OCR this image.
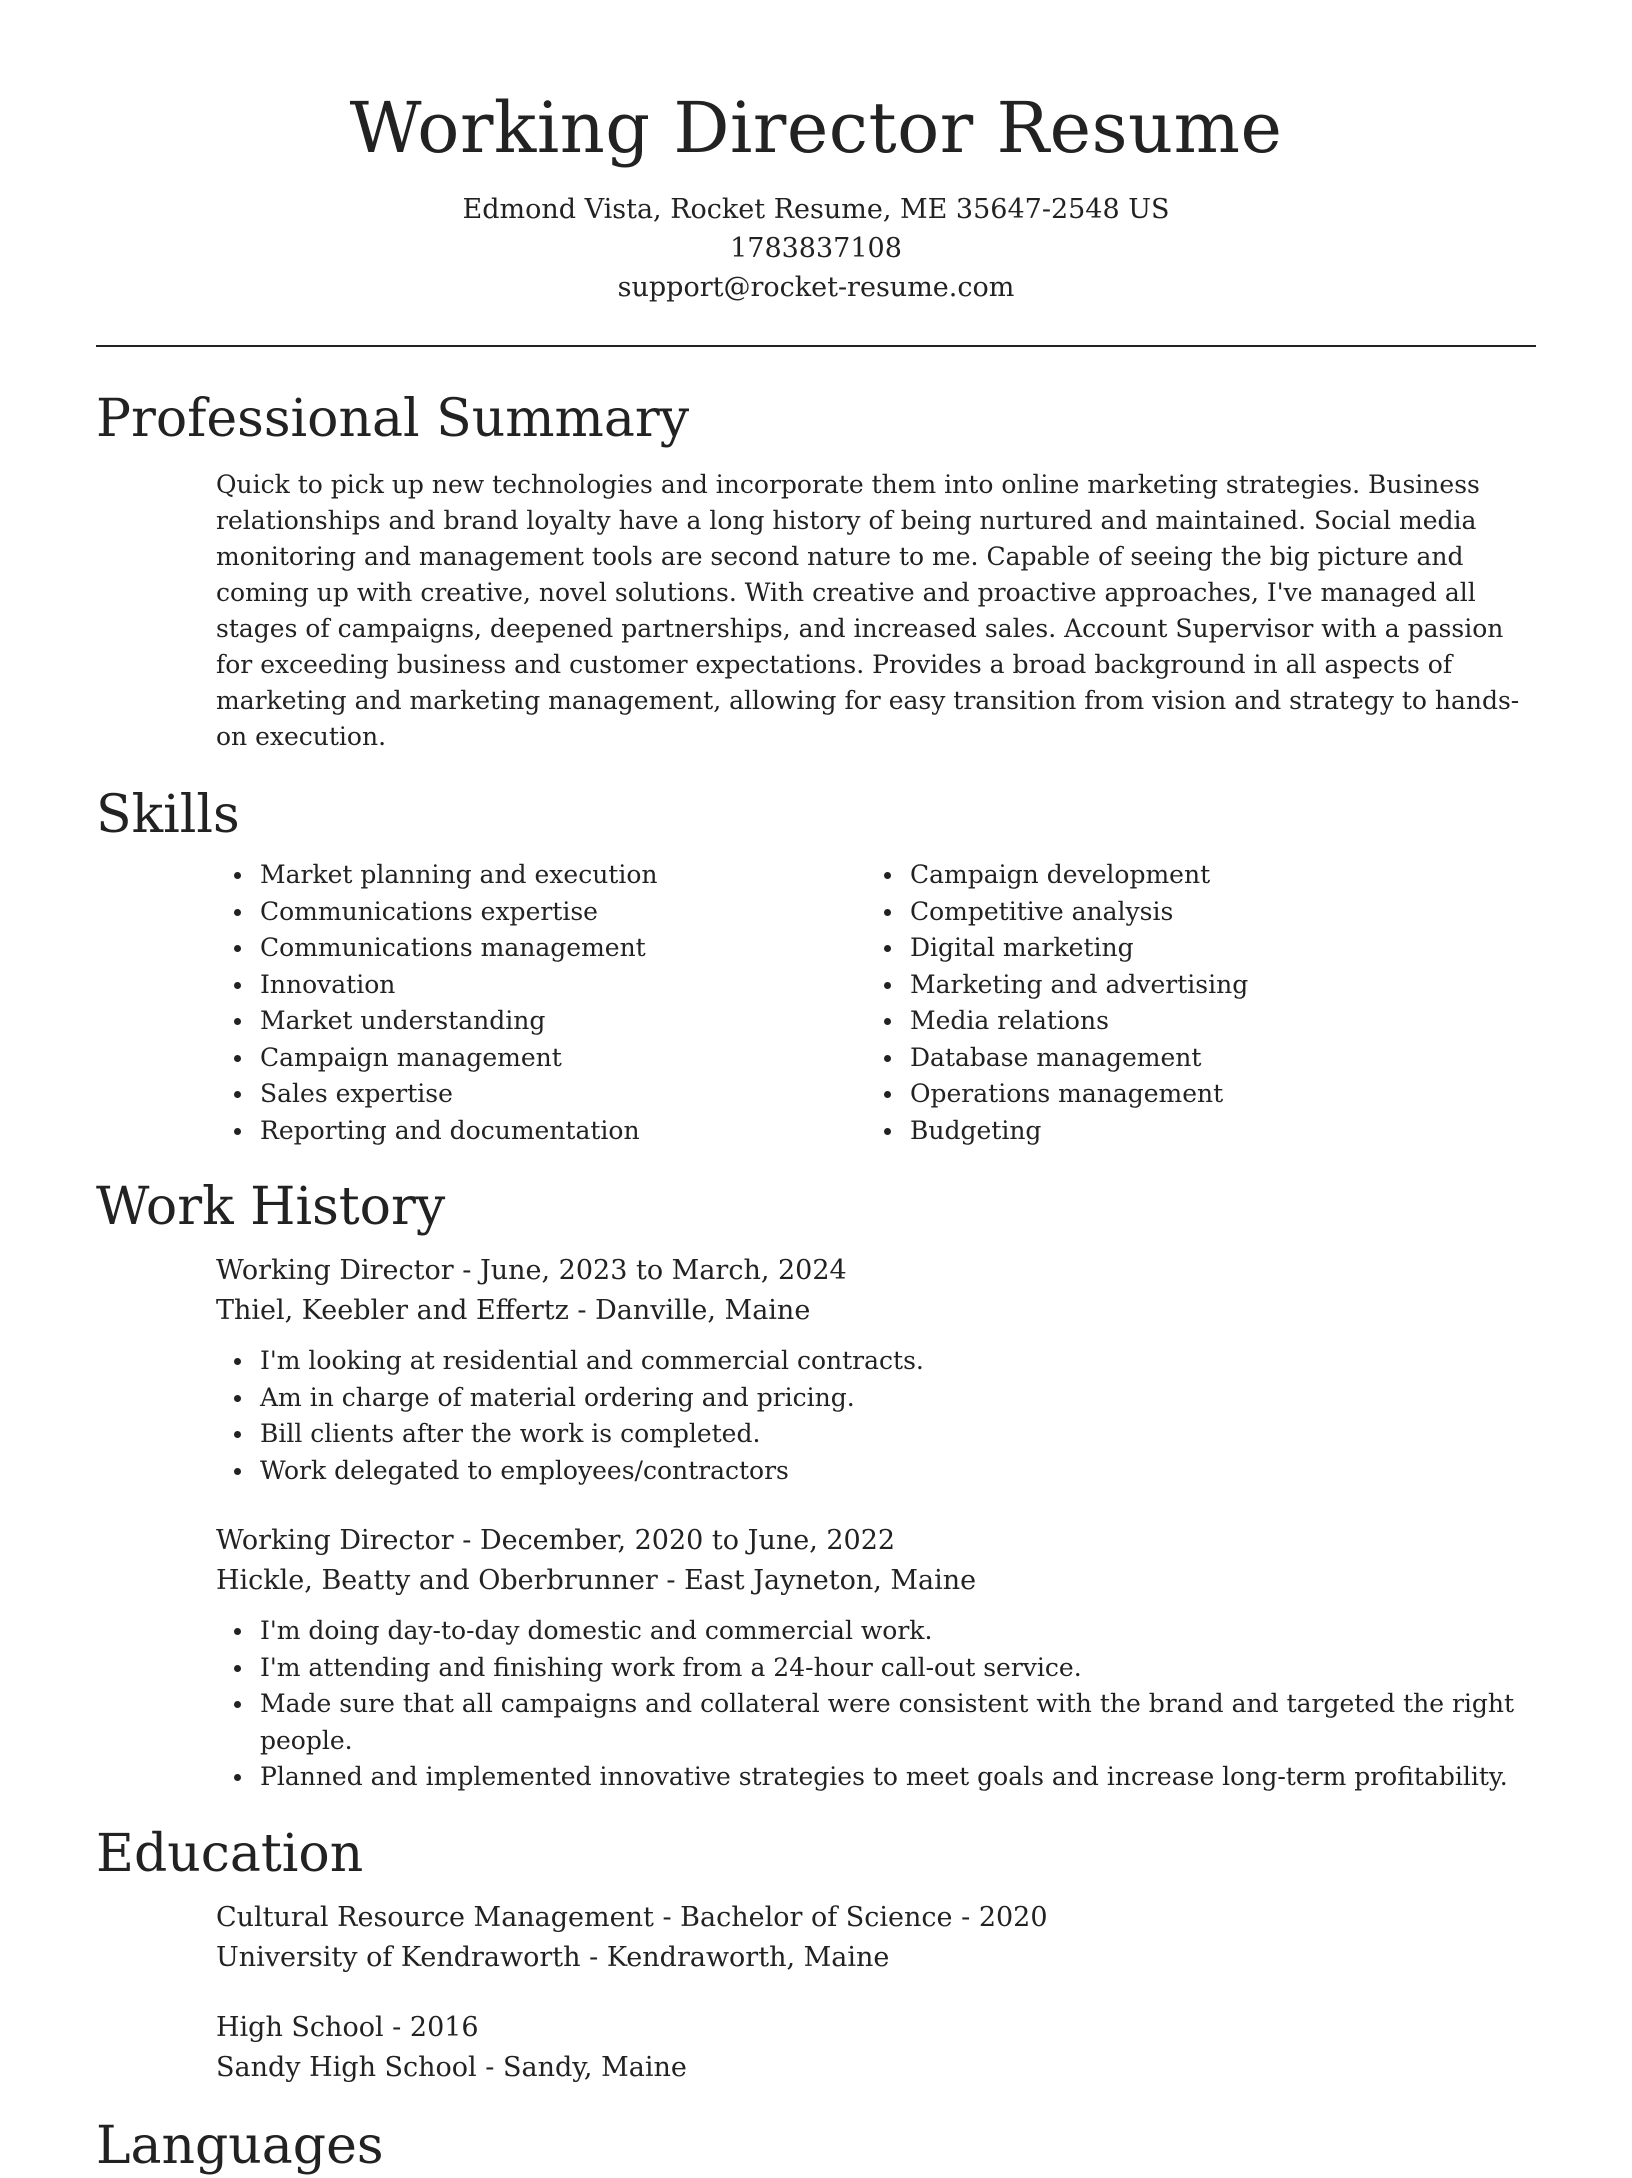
Working Director Resume
Edmond Vista, Rocket Resume, ME 35647-2548 US
1783837108
support@rocket-resume.com
Professional Summary

Quick to pick up new technologies and incorporate them into online marketing strategies. Business relationships and brand loyalty have a long history of being nurtured and maintained. Social media monitoring and management tools are second nature to me. Capable of seeing the big picture and coming up with creative, novel solutions. With creative and proactive approaches, I've managed all stages of campaigns, deepened partnerships, and increased sales. Account Supervisor with a passion for exceeding business and customer expectations. Provides a broad background in all aspects of marketing and marketing management, allowing for easy transition from vision and strategy to hands-on execution.

Skills
Market planning and execution
Communications expertise
Communications management
Innovation
Market understanding
Campaign management
Sales expertise
Reporting and documentation
Campaign development
Competitive analysis
Digital marketing
Marketing and advertising
Media relations
Database management
Operations management
Budgeting
Work History
Working Director - June, 2023 to March, 2024
Thiel, Keebler and Effertz - Danville, Maine
I'm looking at residential and commercial contracts.
Am in charge of material ordering and pricing.
Bill clients after the work is completed.
Work delegated to employees/contractors
Working Director - December, 2020 to June, 2022
Hickle, Beatty and Oberbrunner - East Jayneton, Maine
I'm doing day-to-day domestic and commercial work.
I'm attending and finishing work from a 24-hour call-out service.
Made sure that all campaigns and collateral were consistent with the brand and targeted the right people.
Planned and implemented innovative strategies to meet goals and increase long-term profitability.
Education
Cultural Resource Management - Bachelor of Science - 2020
University of Kendraworth - Kendraworth, Maine
High School - 2016
Sandy High School - Sandy, Maine
Languages
